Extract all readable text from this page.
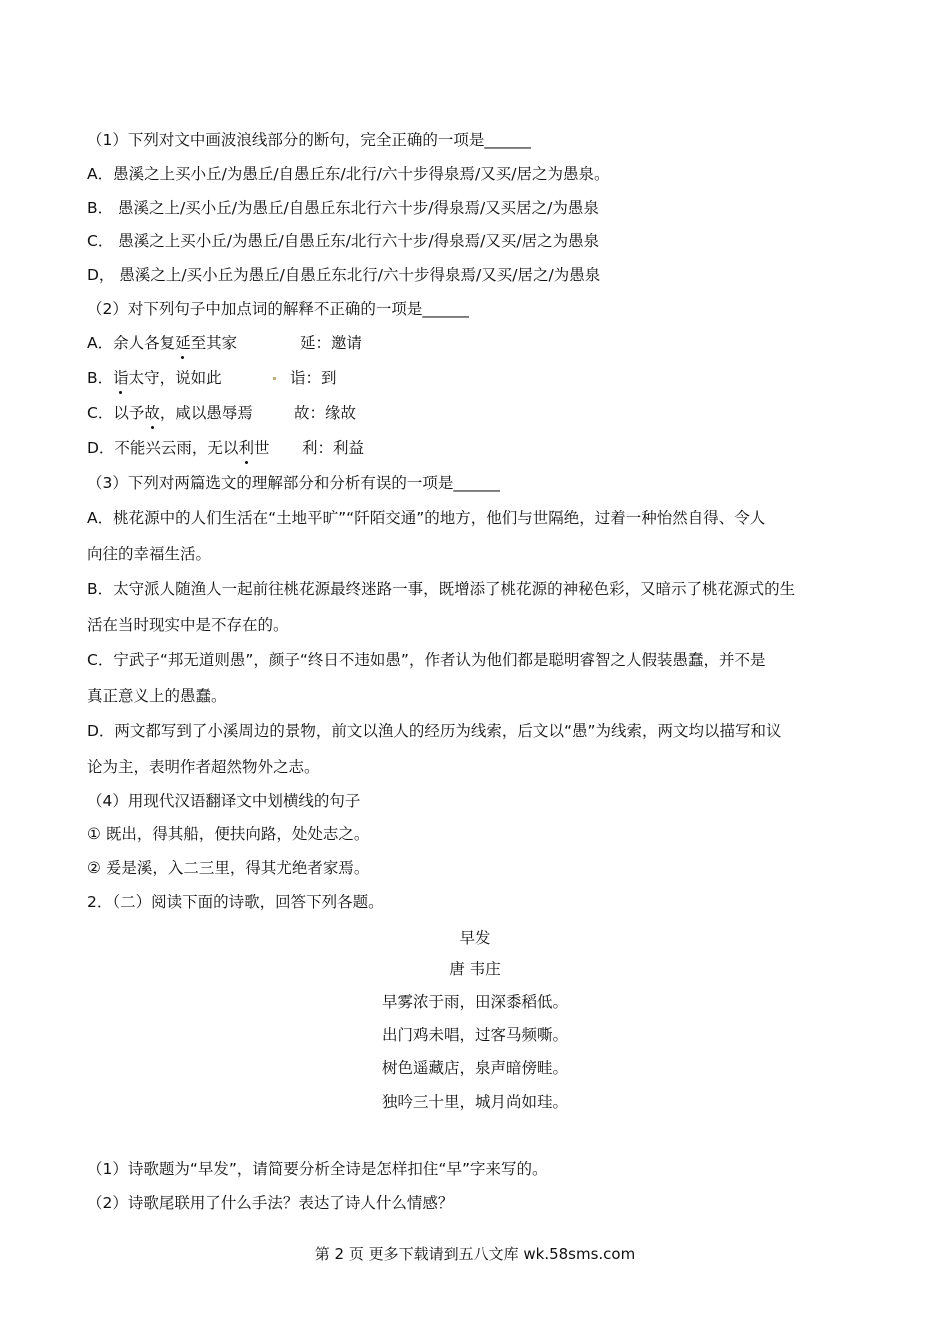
（1）下列对文中画波浪线部分的断句，完全正确的一项是______
A．愚溪之上买小丘/为愚丘/自愚丘东/北行/六十步得泉焉/又买/居之为愚泉。
B． 愚溪之上/买小丘/为愚丘/自愚丘东北行六十步/得泉焉/又买居之/为愚泉
C． 愚溪之上买小丘/为愚丘/自愚丘东/北行六十步/得泉焉/又买/居之为愚泉
D， 愚溪之上/买小丘为愚丘/自愚丘东北行/六十步得泉焉/又买/居之/为愚泉
（2）对下列句子中加点词的解释不正确的一项是______
A．余人各复延至其家	延：邀请
B．诣太守，说如此	诣：到
C．以予故，咸以愚辱焉	故：缘故
D．不能兴云雨，无以利世 利：利益
（3）下列对两篇选文的理解部分和分析有误的一项是______
A．桃花源中的人们生活在“土地平旷”“阡陌交通”的地方，他们与世隔绝，过着一种怡然自得、令人
向往的幸福生活。
B．太守派人随渔人一起前往桃花源最终迷路一事，既增添了桃花源的神秘色彩，又暗示了桃花源式的生
活在当时现实中是不存在的。
C．宁武子“邦无道则愚”，颜子“终日不违如愚”，作者认为他们都是聪明睿智之人假装愚蠢，并不是
真正意义上的愚蠢。
D．两文都写到了小溪周边的景物，前文以渔人的经历为线索，后文以“愚”为线索，两文均以描写和议
论为主，表明作者超然物外之志。
（4）用现代汉语翻译文中划横线的句子
① 既出，得其船，便扶向路，处处志之。
② 爰是溪，入二三里，得其尤绝者家焉。
2．（二）阅读下面的诗歌，回答下列各题。
早发
唐 韦庄
早雾浓于雨，田深黍稻低。
出门鸡未唱，过客马频嘶。
树色遥藏店，泉声暗傍畦。
独吟三十里，城月尚如珪。
（1）诗歌题为“早发”，请简要分析全诗是怎样扣住“早”字来写的。
（2）诗歌尾联用了什么手法？表达了诗人什么情感？
第 2 页 更多下载请到五八文库 wk.58sms.com
